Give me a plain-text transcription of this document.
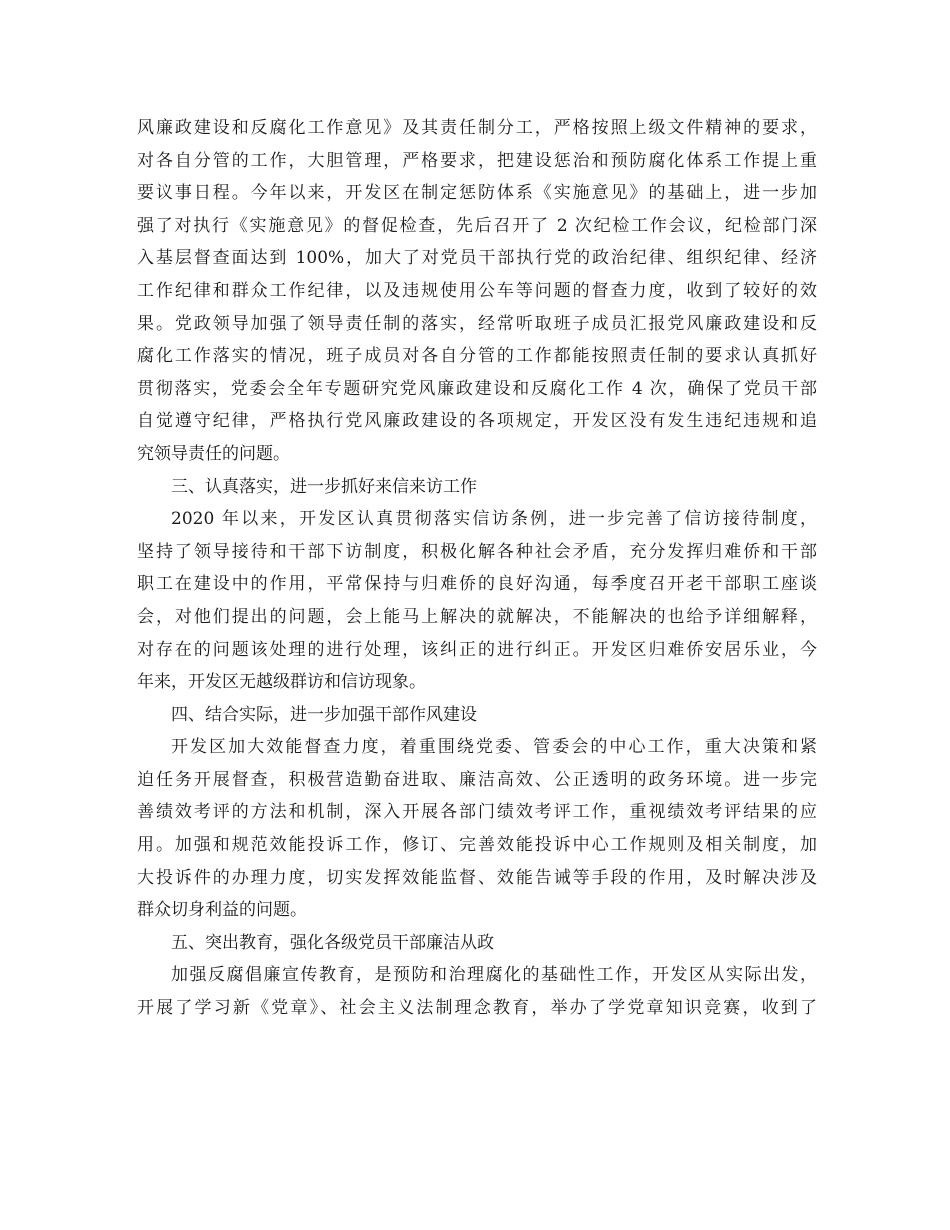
风廉政建设和反腐化工作意见》及其责任制分工，严格按照上级文件精神的要求，
对各自分管的工作，大胆管理，严格要求，把建设惩治和预防腐化体系工作提上重
要议事日程。今年以来，开发区在制定惩防体系《实施意见》的基础上，进一步加
强了对执行《实施意见》的督促检查，先后召开了 2 次纪检工作会议，纪检部门深
入基层督查面达到 100%，加大了对党员干部执行党的政治纪律、组织纪律、经济
工作纪律和群众工作纪律，以及违规使用公车等问题的督查力度，收到了较好的效
果。党政领导加强了领导责任制的落实，经常听取班子成员汇报党风廉政建设和反
腐化工作落实的情况，班子成员对各自分管的工作都能按照责任制的要求认真抓好
贯彻落实，党委会全年专题研究党风廉政建设和反腐化工作 4 次，确保了党员干部
自觉遵守纪律，严格执行党风廉政建设的各项规定，开发区没有发生违纪违规和追
究领导责任的问题。
三、认真落实，进一步抓好来信来访工作
2020 年以来，开发区认真贯彻落实信访条例，进一步完善了信访接待制度，
坚持了领导接待和干部下访制度，积极化解各种社会矛盾，充分发挥归难侨和干部
职工在建设中的作用，平常保持与归难侨的良好沟通，每季度召开老干部职工座谈
会，对他们提出的问题，会上能马上解决的就解决，不能解决的也给予详细解释，
对存在的问题该处理的进行处理，该纠正的进行纠正。开发区归难侨安居乐业，今
年来，开发区无越级群访和信访现象。
四、结合实际，进一步加强干部作风建设
开发区加大效能督查力度，着重围绕党委、管委会的中心工作，重大决策和紧
迫任务开展督查，积极营造勤奋进取、廉洁高效、公正透明的政务环境。进一步完
善绩效考评的方法和机制，深入开展各部门绩效考评工作，重视绩效考评结果的应
用。加强和规范效能投诉工作，修订、完善效能投诉中心工作规则及相关制度，加
大投诉件的办理力度，切实发挥效能监督、效能告诫等手段的作用，及时解决涉及
群众切身利益的问题。
五、突出教育，强化各级党员干部廉洁从政
加强反腐倡廉宣传教育，是预防和治理腐化的基础性工作，开发区从实际出发，
开展了学习新《党章》、社会主义法制理念教育，举办了学党章知识竞赛，收到了
